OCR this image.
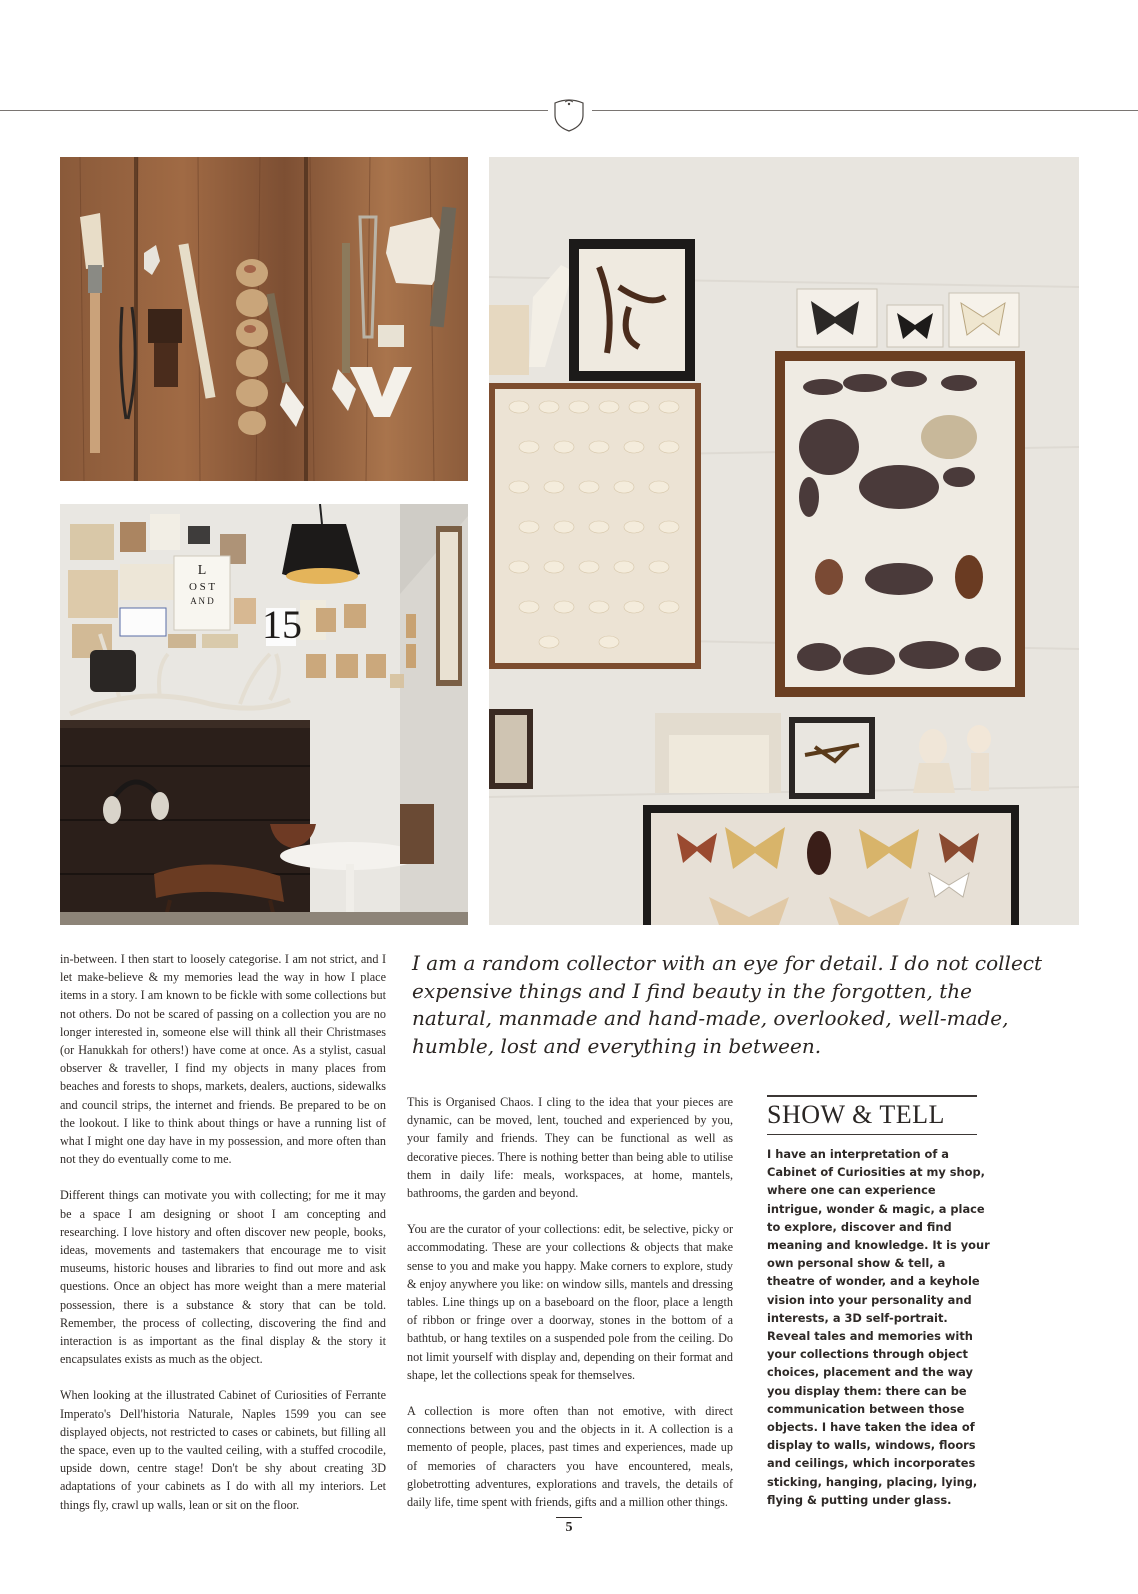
L
O S T
A N D
15

in-between. I then start to loosely categorise. I am not strict, and I let make-believe & my memories lead the way in how I place items in a story. I am known to be fickle with some collections but not others. Do not be scared of passing on a collection you are no longer interested in, someone else will think all their Christmases (or Hanukkah for others!) have come at once. As a stylist, casual observer & traveller, I find my objects in many places from beaches and forests to shops, markets, dealers, auctions, sidewalks and council strips, the internet and friends. Be prepared to be on the lookout. I like to think about things or have a running list of what I might one day have in my possession, and more often than not they do eventually come to me.

Different things can motivate you with collecting; for me it may be a space I am designing or shoot I am concepting and researching. I love history and often discover new people, books, ideas, movements and tastemakers that encourage me to visit museums, historic houses and libraries to find out more and ask questions. Once an object has more weight than a mere material possession, there is a substance & story that can be told. Remember, the process of collecting, discovering the find and interaction is as important as the final display & the story it encapsulates exists as much as the object.

When looking at the illustrated Cabinet of Curiosities of Ferrante Imperato's Dell'historia Naturale, Naples 1599 you can see displayed objects, not restricted to cases or cabinets, but filling all the space, even up to the vaulted ceiling, with a stuffed crocodile, upside down, centre stage! Don't be shy about creating 3D adaptations of your cabinets as I do with all my interiors. Let things fly, crawl up walls, lean or sit on the floor.

I am a random collector with an eye for detail. I do not collect expensive things and I find beauty in the forgotten, the natural, manmade and hand-made, overlooked, well-made, humble, lost and everything in between.

This is Organised Chaos. I cling to the idea that your pieces are dynamic, can be moved, lent, touched and experienced by you, your family and friends. They can be functional as well as decorative pieces. There is nothing better than being able to utilise them in daily life: meals, workspaces, at home, mantels, bathrooms, the garden and beyond.

You are the curator of your collections: edit, be selective, picky or accommodating. These are your collections & objects that make sense to you and make you happy. Make corners to explore, study & enjoy anywhere you like: on window sills, mantels and dressing tables. Line things up on a baseboard on the floor, place a length of ribbon or fringe over a doorway, stones in the bottom of a bathtub, or hang textiles on a suspended pole from the ceiling. Do not limit yourself with display and, depending on their format and shape, let the collections speak for themselves.

A collection is more often than not emotive, with direct connections between you and the objects in it. A collection is a memento of people, places, past times and experiences, made up of memories of characters you have encountered, meals, globetrotting adventures, explorations and travels, the details of daily life, time spent with friends, gifts and a million other things.

SHOW & TELL

I have an interpretation of a Cabinet of Curiosities at my shop, where one can experience intrigue, wonder & magic, a place to explore, discover and find meaning and knowledge. It is your own personal show & tell, a theatre of wonder, and a keyhole vision into your personality and interests, a 3D self-portrait. Reveal tales and memories with your collections through object choices, placement and the way you display them: there can be communication between those objects. I have taken the idea of display to walls, windows, floors and ceilings, which incorporates sticking, hanging, placing, lying, flying & putting under glass.

5
